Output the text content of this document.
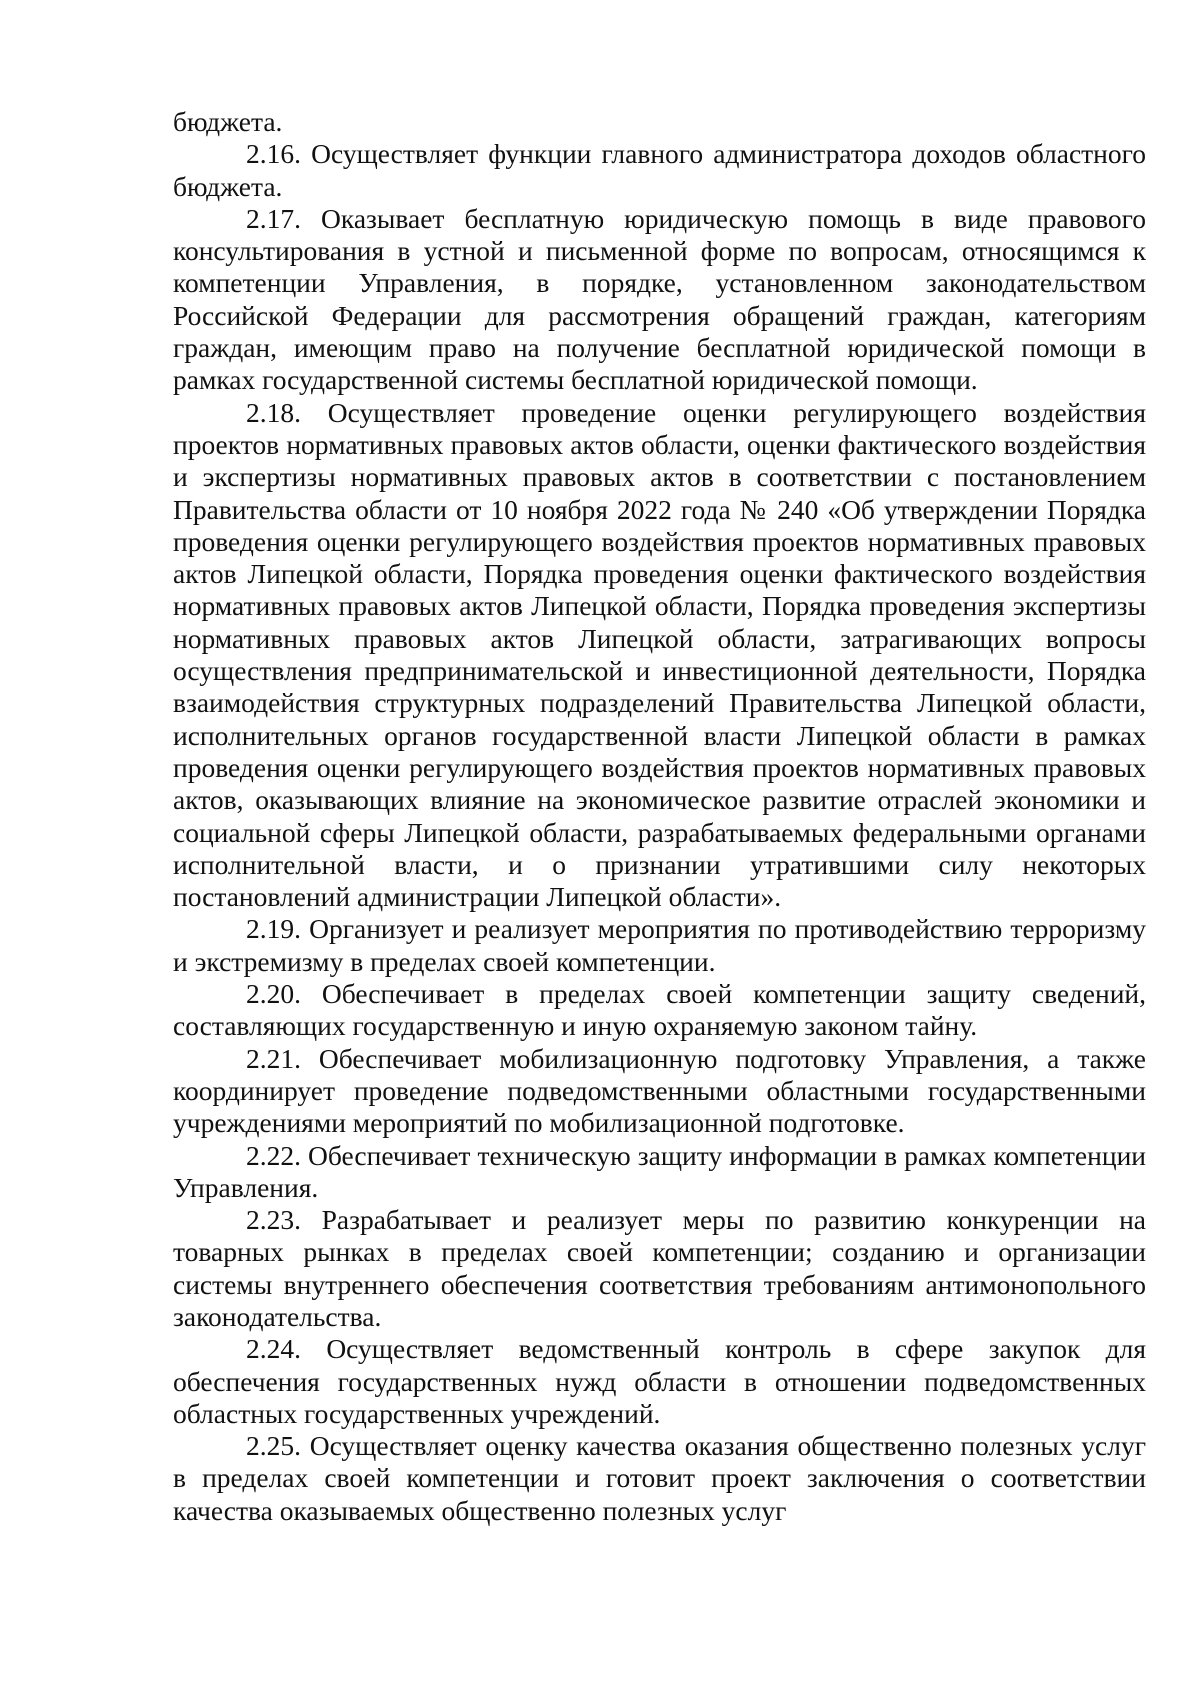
бюджета.

2.16. Осуществляет функции главного администратора доходов областного бюджета.

2.17. Оказывает бесплатную юридическую помощь в виде правового консультирования в устной и письменной форме по вопросам, относящимся к компетенции Управления, в порядке, установленном законодательством Российской Федерации для рассмотрения обращений граждан, категориям граждан, имеющим право на получение бесплатной юридической помощи в рамках государственной системы бесплатной юридической помощи.

2.18. Осуществляет проведение оценки регулирующего воздействия проектов нормативных правовых актов области, оценки фактического воздействия и экспертизы нормативных правовых актов в соответствии с постановлением Правительства области от 10 ноября 2022 года № 240 «Об утверждении Порядка проведения оценки регулирующего воздействия проектов нормативных правовых актов Липецкой области, Порядка проведения оценки фактического воздействия нормативных правовых актов Липецкой области, Порядка проведения экспертизы нормативных правовых актов Липецкой области, затрагивающих вопросы осуществления предпринимательской и инвестиционной деятельности, Порядка взаимодействия структурных подразделений Правительства Липецкой области, исполнительных органов государственной власти Липецкой области в рамках проведения оценки регулирующего воздействия проектов нормативных правовых актов, оказывающих влияние на экономическое развитие отраслей экономики и социальной сферы Липецкой области, разрабатываемых федеральными органами исполнительной власти, и о признании утратившими силу некоторых постановлений администрации Липецкой области».

2.19. Организует и реализует мероприятия по противодействию терроризму и экстремизму в пределах своей компетенции.

2.20. Обеспечивает в пределах своей компетенции защиту сведений, составляющих государственную и иную охраняемую законом тайну.

2.21. Обеспечивает мобилизационную подготовку Управления, а также координирует проведение подведомственными областными государственными учреждениями мероприятий по мобилизационной подготовке.

2.22. Обеспечивает техническую защиту информации в рамках компетенции Управления.

2.23. Разрабатывает и реализует меры по развитию конкуренции на товарных рынках в пределах своей компетенции; созданию и организации системы внутреннего обеспечения соответствия требованиям антимонопольного законодательства.

2.24. Осуществляет ведомственный контроль в сфере закупок для обеспечения государственных нужд области в отношении подведомственных областных государственных учреждений.

2.25. Осуществляет оценку качества оказания общественно полезных услуг в пределах своей компетенции и готовит проект заключения о соответствии качества оказываемых общественно полезных услуг
